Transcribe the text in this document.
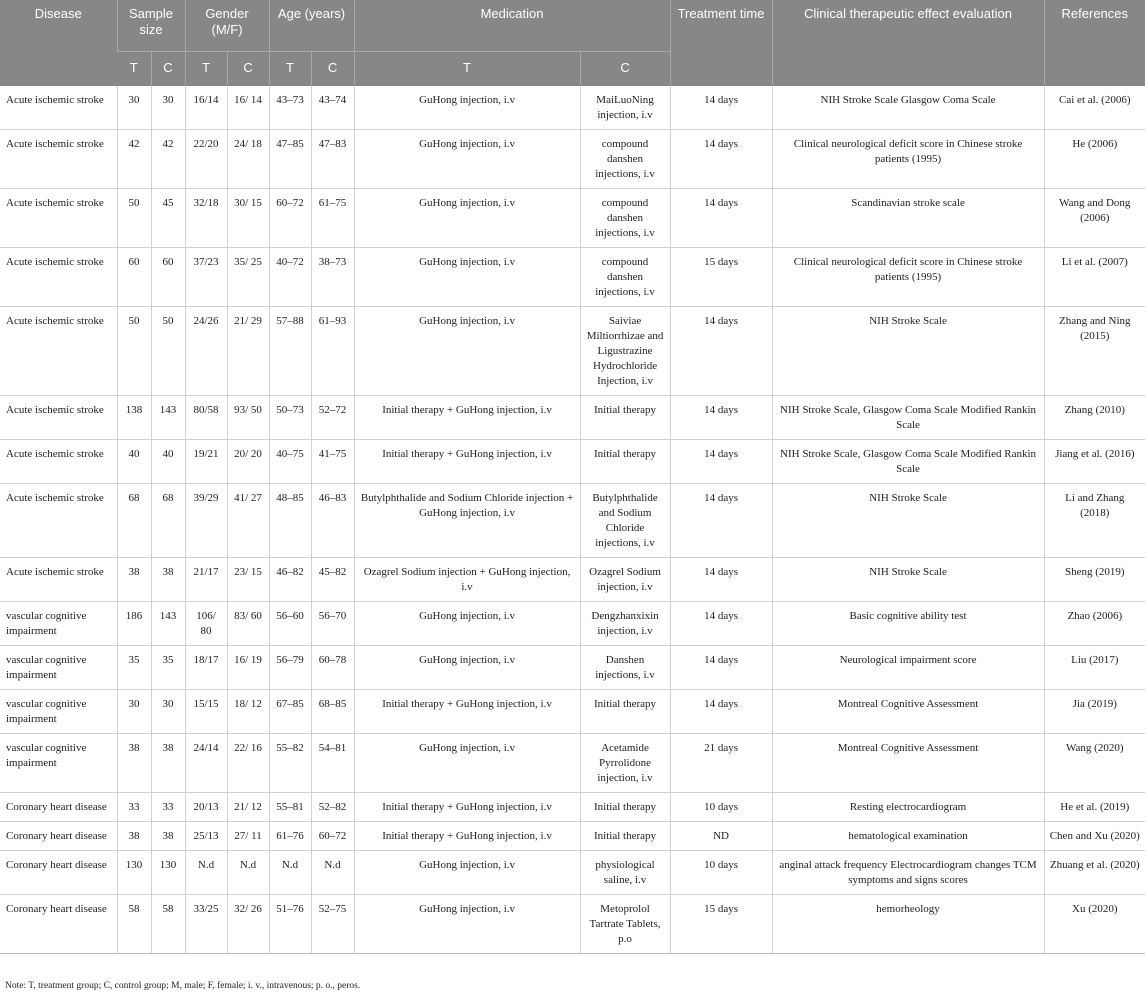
Disease	Sample size		Gender (M/F)		Age (years)		Medication		Treatment time	Clinical therapeutic effect evaluation	References
	T	C	T	C	T	C	T	C			
Acute ischemic stroke	30	30	16/14	16/ 14	43–73	43–74	GuHong injection, i.v	MaiLuoNing injection, i.v	14 days	NIH Stroke Scale Glasgow Coma Scale	Cai et al. (2006)
Acute ischemic stroke	42	42	22/20	24/ 18	47–85	47–83	GuHong injection, i.v	compound danshen injections, i.v	14 days	Clinical neurological deficit score in Chinese stroke patients (1995)	He (2006)
Acute ischemic stroke	50	45	32/18	30/ 15	60–72	61–75	GuHong injection, i.v	compound danshen injections, i.v	14 days	Scandinavian stroke scale	Wang and Dong (2006)
Acute ischemic stroke	60	60	37/23	35/ 25	40–72	38–73	GuHong injection, i.v	compound danshen injections, i.v	15 days	Clinical neurological deficit score in Chinese stroke patients (1995)	Li et al. (2007)
Acute ischemic stroke	50	50	24/26	21/ 29	57–88	61–93	GuHong injection, i.v	Saiviae Miltiorrhizae and Ligustrazine Hydrochloride Injection, i.v	14 days	NIH Stroke Scale	Zhang and Ning (2015)
Acute ischemic stroke	138	143	80/58	93/ 50	50–73	52–72	Initial therapy + GuHong injection, i.v	Initial therapy	14 days	NIH Stroke Scale, Glasgow Coma Scale Modified Rankin Scale	Zhang (2010)
Acute ischemic stroke	40	40	19/21	20/ 20	40–75	41–75	Initial therapy + GuHong injection, i.v	Initial therapy	14 days	NIH Stroke Scale, Glasgow Coma Scale Modified Rankin Scale	Jiang et al. (2016)
Acute ischemic stroke	68	68	39/29	41/ 27	48–85	46–83	Butylphthalide and Sodium Chloride injection + GuHong injection, i.v	Butylphthalide and Sodium Chloride injections, i.v	14 days	NIH Stroke Scale	Li and Zhang (2018)
Acute ischemic stroke	38	38	21/17	23/ 15	46–82	45–82	Ozagrel Sodium injection + GuHong injection, i.v	Ozagrel Sodium injection, i.v	14 days	NIH Stroke Scale	Sheng (2019)
vascular cognitive impairment	186	143	106/ 80	83/ 60	56–60	56–70	GuHong injection, i.v	Dengzhanxixin injection, i.v	14 days	Basic cognitive ability test	Zhao (2006)
vascular cognitive impairment	35	35	18/17	16/ 19	56–79	60–78	GuHong injection, i.v	Danshen injections, i.v	14 days	Neurological impairment score	Liu (2017)
vascular cognitive impairment	30	30	15/15	18/ 12	67–85	68–85	Initial therapy + GuHong injection, i.v	Initial therapy	14 days	Montreal Cognitive Assessment	Jia (2019)
vascular cognitive impairment	38	38	24/14	22/ 16	55–82	54–81	GuHong injection, i.v	Acetamide Pyrrolidone injection, i.v	21 days	Montreal Cognitive Assessment	Wang (2020)
Coronary heart disease	33	33	20/13	21/ 12	55–81	52–82	Initial therapy + GuHong injection, i.v	Initial therapy	10 days	Resting electrocardiogram	He et al. (2019)
Coronary heart disease	38	38	25/13	27/ 11	61–76	60–72	Initial therapy + GuHong injection, i.v	Initial therapy	ND	hematological examination	Chen and Xu (2020)
Coronary heart disease	130	130	N.d	N.d	N.d	N.d	GuHong injection, i.v	physiological saline, i.v	10 days	anginal attack frequency Electrocardiogram changes TCM symptoms and signs scores	Zhuang et al. (2020)
Coronary heart disease	58	58	33/25	32/ 26	51–76	52–75	GuHong injection, i.v	Metoprolol Tartrate Tablets, p.o	15 days	hemorheology	Xu (2020)
Note: T, treatment group; C, control group; M, male; F, female; i. v., intravenous; p. o., peros.
